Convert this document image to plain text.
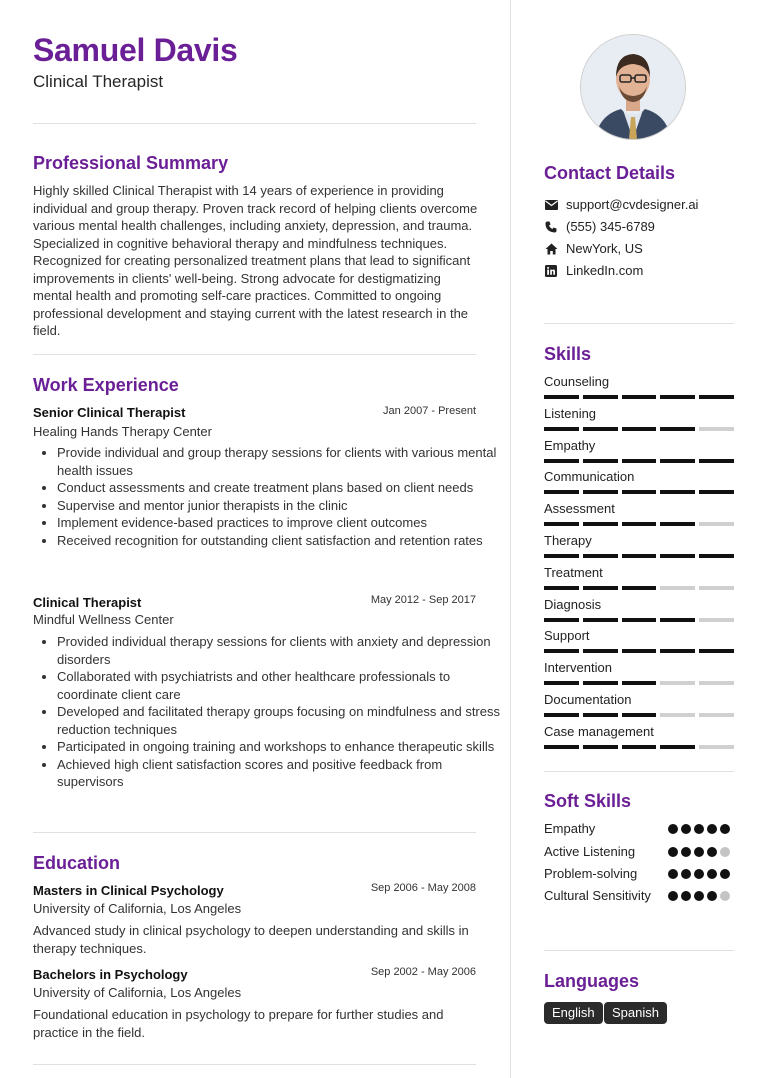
Samuel Davis
Clinical Therapist
Professional Summary
Highly skilled Clinical Therapist with 14 years of experience in providing individual and group therapy. Proven track record of helping clients overcome various mental health challenges, including anxiety, depression, and trauma. Specialized in cognitive behavioral therapy and mindfulness techniques. Recognized for creating personalized treatment plans that lead to significant improvements in clients' well-being. Strong advocate for destigmatizing mental health and promoting self-care practices. Committed to ongoing professional development and staying current with the latest research in the field.
Work Experience
Senior Clinical Therapist	Jan 2007 - Present
Healing Hands Therapy Center
• Provide individual and group therapy sessions for clients with various mental health issues
• Conduct assessments and create treatment plans based on client needs
• Supervise and mentor junior therapists in the clinic
• Implement evidence-based practices to improve client outcomes
• Received recognition for outstanding client satisfaction and retention rates
Clinical Therapist	May 2012 - Sep 2017
Mindful Wellness Center
• Provided individual therapy sessions for clients with anxiety and depression disorders
• Collaborated with psychiatrists and other healthcare professionals to coordinate client care
• Developed and facilitated therapy groups focusing on mindfulness and stress reduction techniques
• Participated in ongoing training and workshops to enhance therapeutic skills
• Achieved high client satisfaction scores and positive feedback from supervisors
Education
Masters in Clinical Psychology	Sep 2006 - May 2008
University of California, Los Angeles
Advanced study in clinical psychology to deepen understanding and skills in therapy techniques.
Bachelors in Psychology	Sep 2002 - May 2006
University of California, Los Angeles
Foundational education in psychology to prepare for further studies and practice in the field.
Contact Details
support@cvdesigner.ai
(555) 345-6789
NewYork, US
LinkedIn.com
Skills
Counseling
Listening
Empathy
Communication
Assessment
Therapy
Treatment
Diagnosis
Support
Intervention
Documentation
Case management
Soft Skills
Empathy
Active Listening
Problem-solving
Cultural Sensitivity
Languages
English	Spanish
